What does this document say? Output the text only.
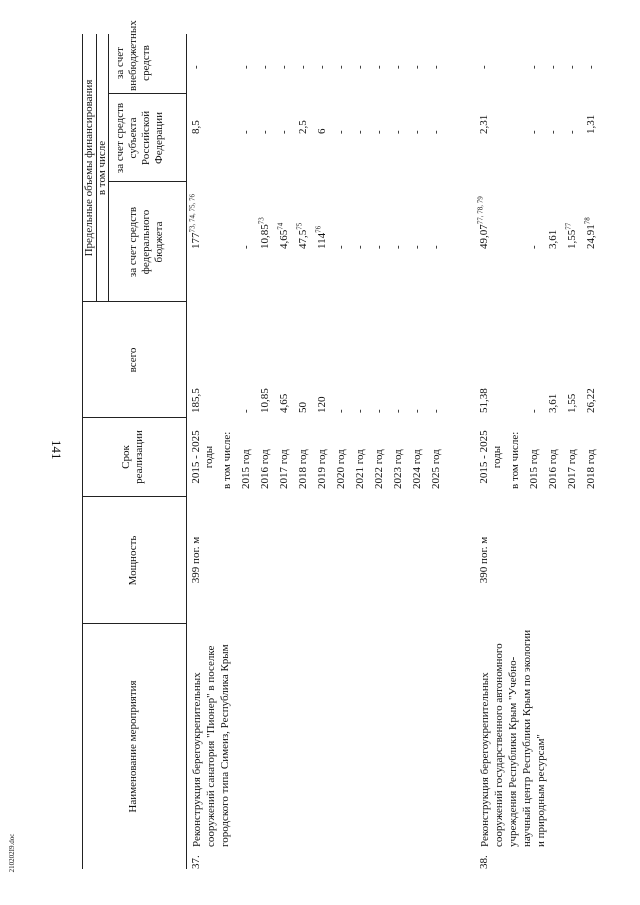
141
210202I9.doc
Наименование мероприятия
Мощность
Срок реализации
всего
Предельные объемы финансирования в том числе
за счет средств федерального бюджета
за счет средств субъекта Российской Федерации
за счет внебюджетных средств
37.
Реконструкция берегоукрепительных сооружений санатория "Пионер" в поселке городского типа Симеиз, Республика Крым
399 пог. м
2015 - 2025 годы
185,5
177$^{73, 74, 75, 76}$
8,5
-
в том числе: 2015 год
-
-
-
-
2016 год
10,85
10,85$^{73}$
-
-
2017 год
4,65
4,65$^{74}$
-
-
2018 год
50
47,5$^{75}$
2,5
-
2019 год
120
$114^{76}$
6
-
2020 год
-
-
-
-
2021 год
-
-
-
-
2022 год
-
-
-
-
2023 год
-
-
-
-
2024 год
-
-
-
-
2025 год
-
-
-
-
38.
Реконструкция берегоукрепительных сооружений государственного автономного учреждения Республики Крым "Учебно-научный центр Республики Крым по экологии и природным ресурсам"
390 пог. м
2015 - 2025 годы
51,38
49,07$^{77, 78, 79}$
2,31
-
в том числе: 2015 год
-
-
-
-
2016 год
3,61
3,61
-
-
2017 год
1,55
1,55$^{77}$
-
-
2018 год
26,22
24,91$^{78}$
1,31
-
